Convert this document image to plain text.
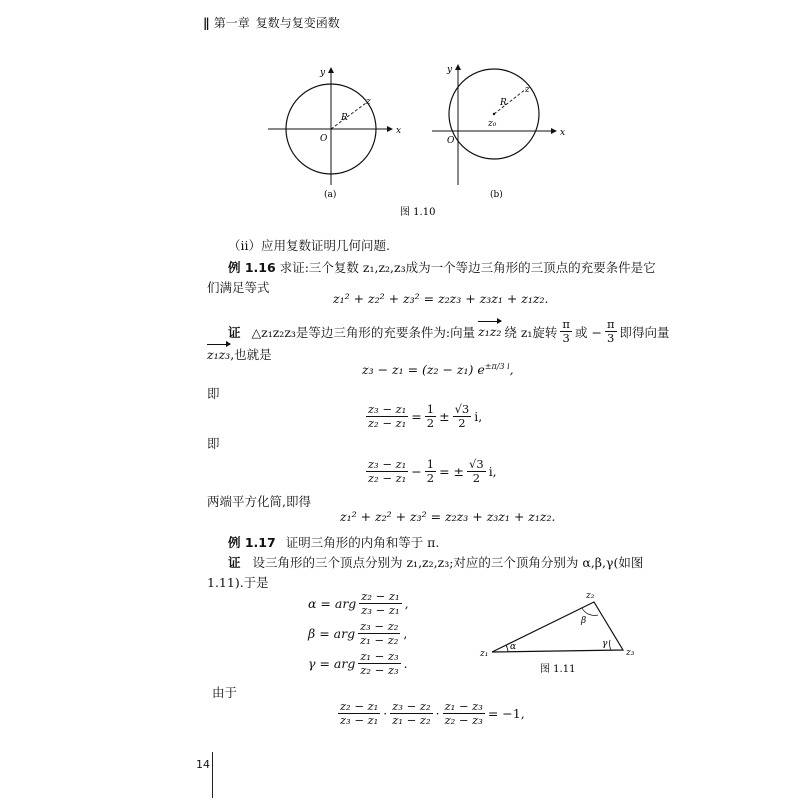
|| 第一章 复数与复变函数
x
y
O
R
z
(a)
x
y
O
R
z
z₀
(b)
图 1.10
（ⅱ）应用复数证明几何问题.
例 1.16 求证:三个复数 z₁,z₂,z₃成为一个等边三角形的三顶点的充要条件是它
们满足等式
z₁² + z₂² + z₃² = z₂z₃ + z₃z₁ + z₁z₂.
证 △z₁z₂z₃是等边三角形的充要条件为:向量 z₁z₂ 绕 z₁旋转 $\frac{\pi}{3}$ 或 − $\frac{\pi}{3}$ 即得向量
z₁z₃,也就是
z₃ − z₁ = (z₂ − z₁) $e^{\pm\pi/3 i}$,
即
$\frac{\text{z₃ − z₁}}{\text{z₂ − z₁}} = \frac{1}{2} \pm \frac{√3}{2} i$,
即
$\frac{\text{z₃ − z₁}}{\text{z₂ − z₁}} - \frac{1}{2}$ = ± $\frac{√3}{2} i$,
两端平方化简,即得
z₁² + z₂² + z₃² = z₂z₃ + z₃z₁ + z₁z₂.
例 1.17 证明三角形的内角和等于 π.
证 设三角形的三个顶点分别为 z₁,z₂,z₃;对应的三个顶角分别为 α,β,γ(如图
1.11).于是
α = arg $\frac{\text{z₂ − z₁}}{\text{z₃ − z₁}}$ ,
β = arg $\frac{\text{z₃ − z₂}}{\text{z₁ − z₂}}$ ,
γ = arg $\frac{\text{z₁ − z₃}}{\text{z₂ − z₃}}$ .
z₁
z₂
z₃
α
β
γ
图 1.11
由于
$\frac{\text{z₂ − z₁}}{\text{z₃ − z₁}} \cdot \frac{\text{z₃ − z₂}}{\text{z₁ − z₂}} \cdot \frac{\text{z₁ − z₃}}{\text{z₂ − z₃}} = -1$,
14
